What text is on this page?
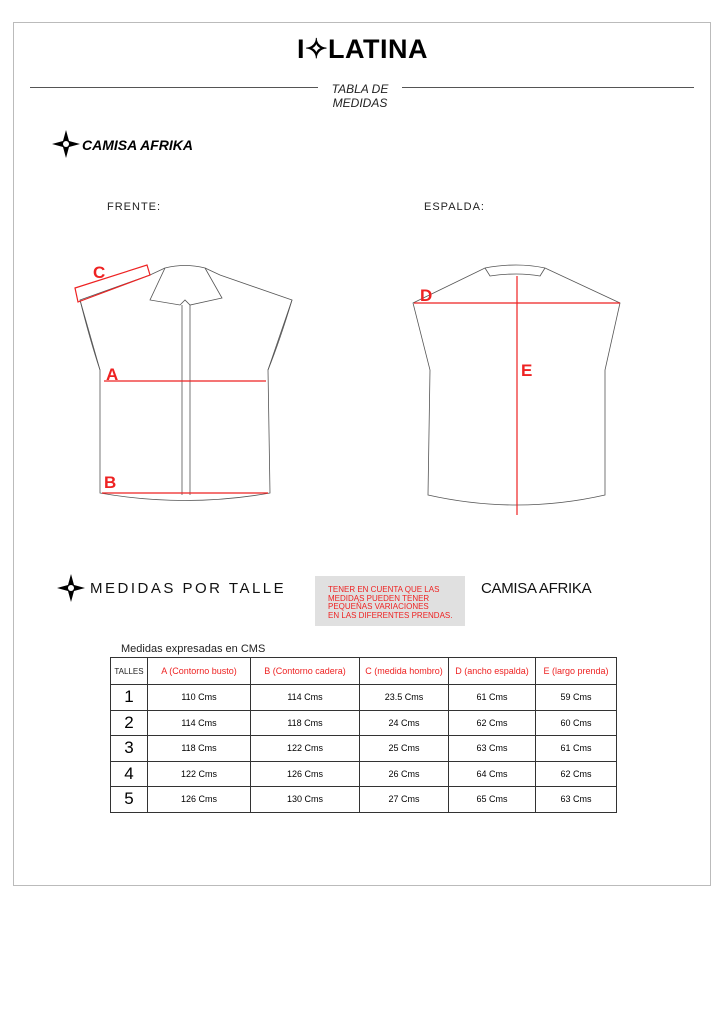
I✧LATINA
TABLA DE
MEDIDAS
CAMISA AFRIKA
FRENTE:	ESPALDA:
C
A
B
D
E
MEDIDAS POR TALLE	TENER EN CUENTA QUE LAS
MEDIDAS PUEDEN TENER
PEQUEÑAS VARIACIONES
EN LAS DIFERENTES PRENDAS.
CAMISA AFRIKA
Medidas expresadas en CMS
TALLES	A (Contorno busto)	B (Contorno cadera)	C (medida hombro)	D (ancho espalda)	E (largo prenda)
1	110 Cms	114 Cms	23.5 Cms	61 Cms	59 Cms
2	114 Cms	118 Cms	24 Cms	62 Cms	60 Cms
3	118 Cms	122 Cms	25 Cms	63 Cms	61 Cms
4	122 Cms	126 Cms	26 Cms	64 Cms	62 Cms
5	126 Cms	130 Cms	27 Cms	65 Cms	63 Cms
